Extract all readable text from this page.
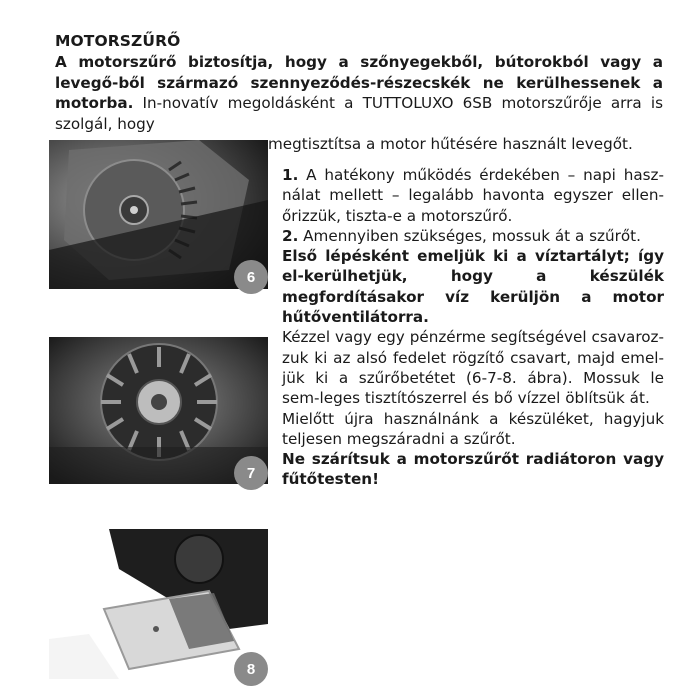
MOTORSZŰRŐ
A motorszűrő biztosítja, hogy a szőnyegekből, bútorokból vagy a levegő-ből származó szennyeződés-részecskék ne kerülhessenek a motorba. In-novatív megoldásként a TUTTOLUXO 6SB motorszűrője arra is szolgál, hogy

megtisztítsa a motor hűtésére használt levegőt.
6
7
8

1. A hatékony működés érdekében – napi hasz-nálat mellett – legalább havonta egyszer ellen-őrizzük, tiszta-e a motorszűrő.

2. Amennyiben szükséges, mossuk át a szűrőt.

Első lépésként emeljük ki a víztartályt; így el-kerülhetjük, hogy a készülék megfordításakor víz kerüljön a motor hűtőventilátorra.

Kézzel vagy egy pénzérme segítségével csavaroz-zuk ki az alsó fedelet rögzítő csavart, majd emel-jük ki a szűrőbetétet (6-7-8. ábra). Mossuk le sem-leges tisztítószerrel és bő vízzel öblítsük át.

Mielőtt újra használnánk a készüléket, hagyjuk teljesen megszáradni a szűrőt.

Ne szárítsuk a motorszűrőt radiátoron vagy fűtőtesten!
